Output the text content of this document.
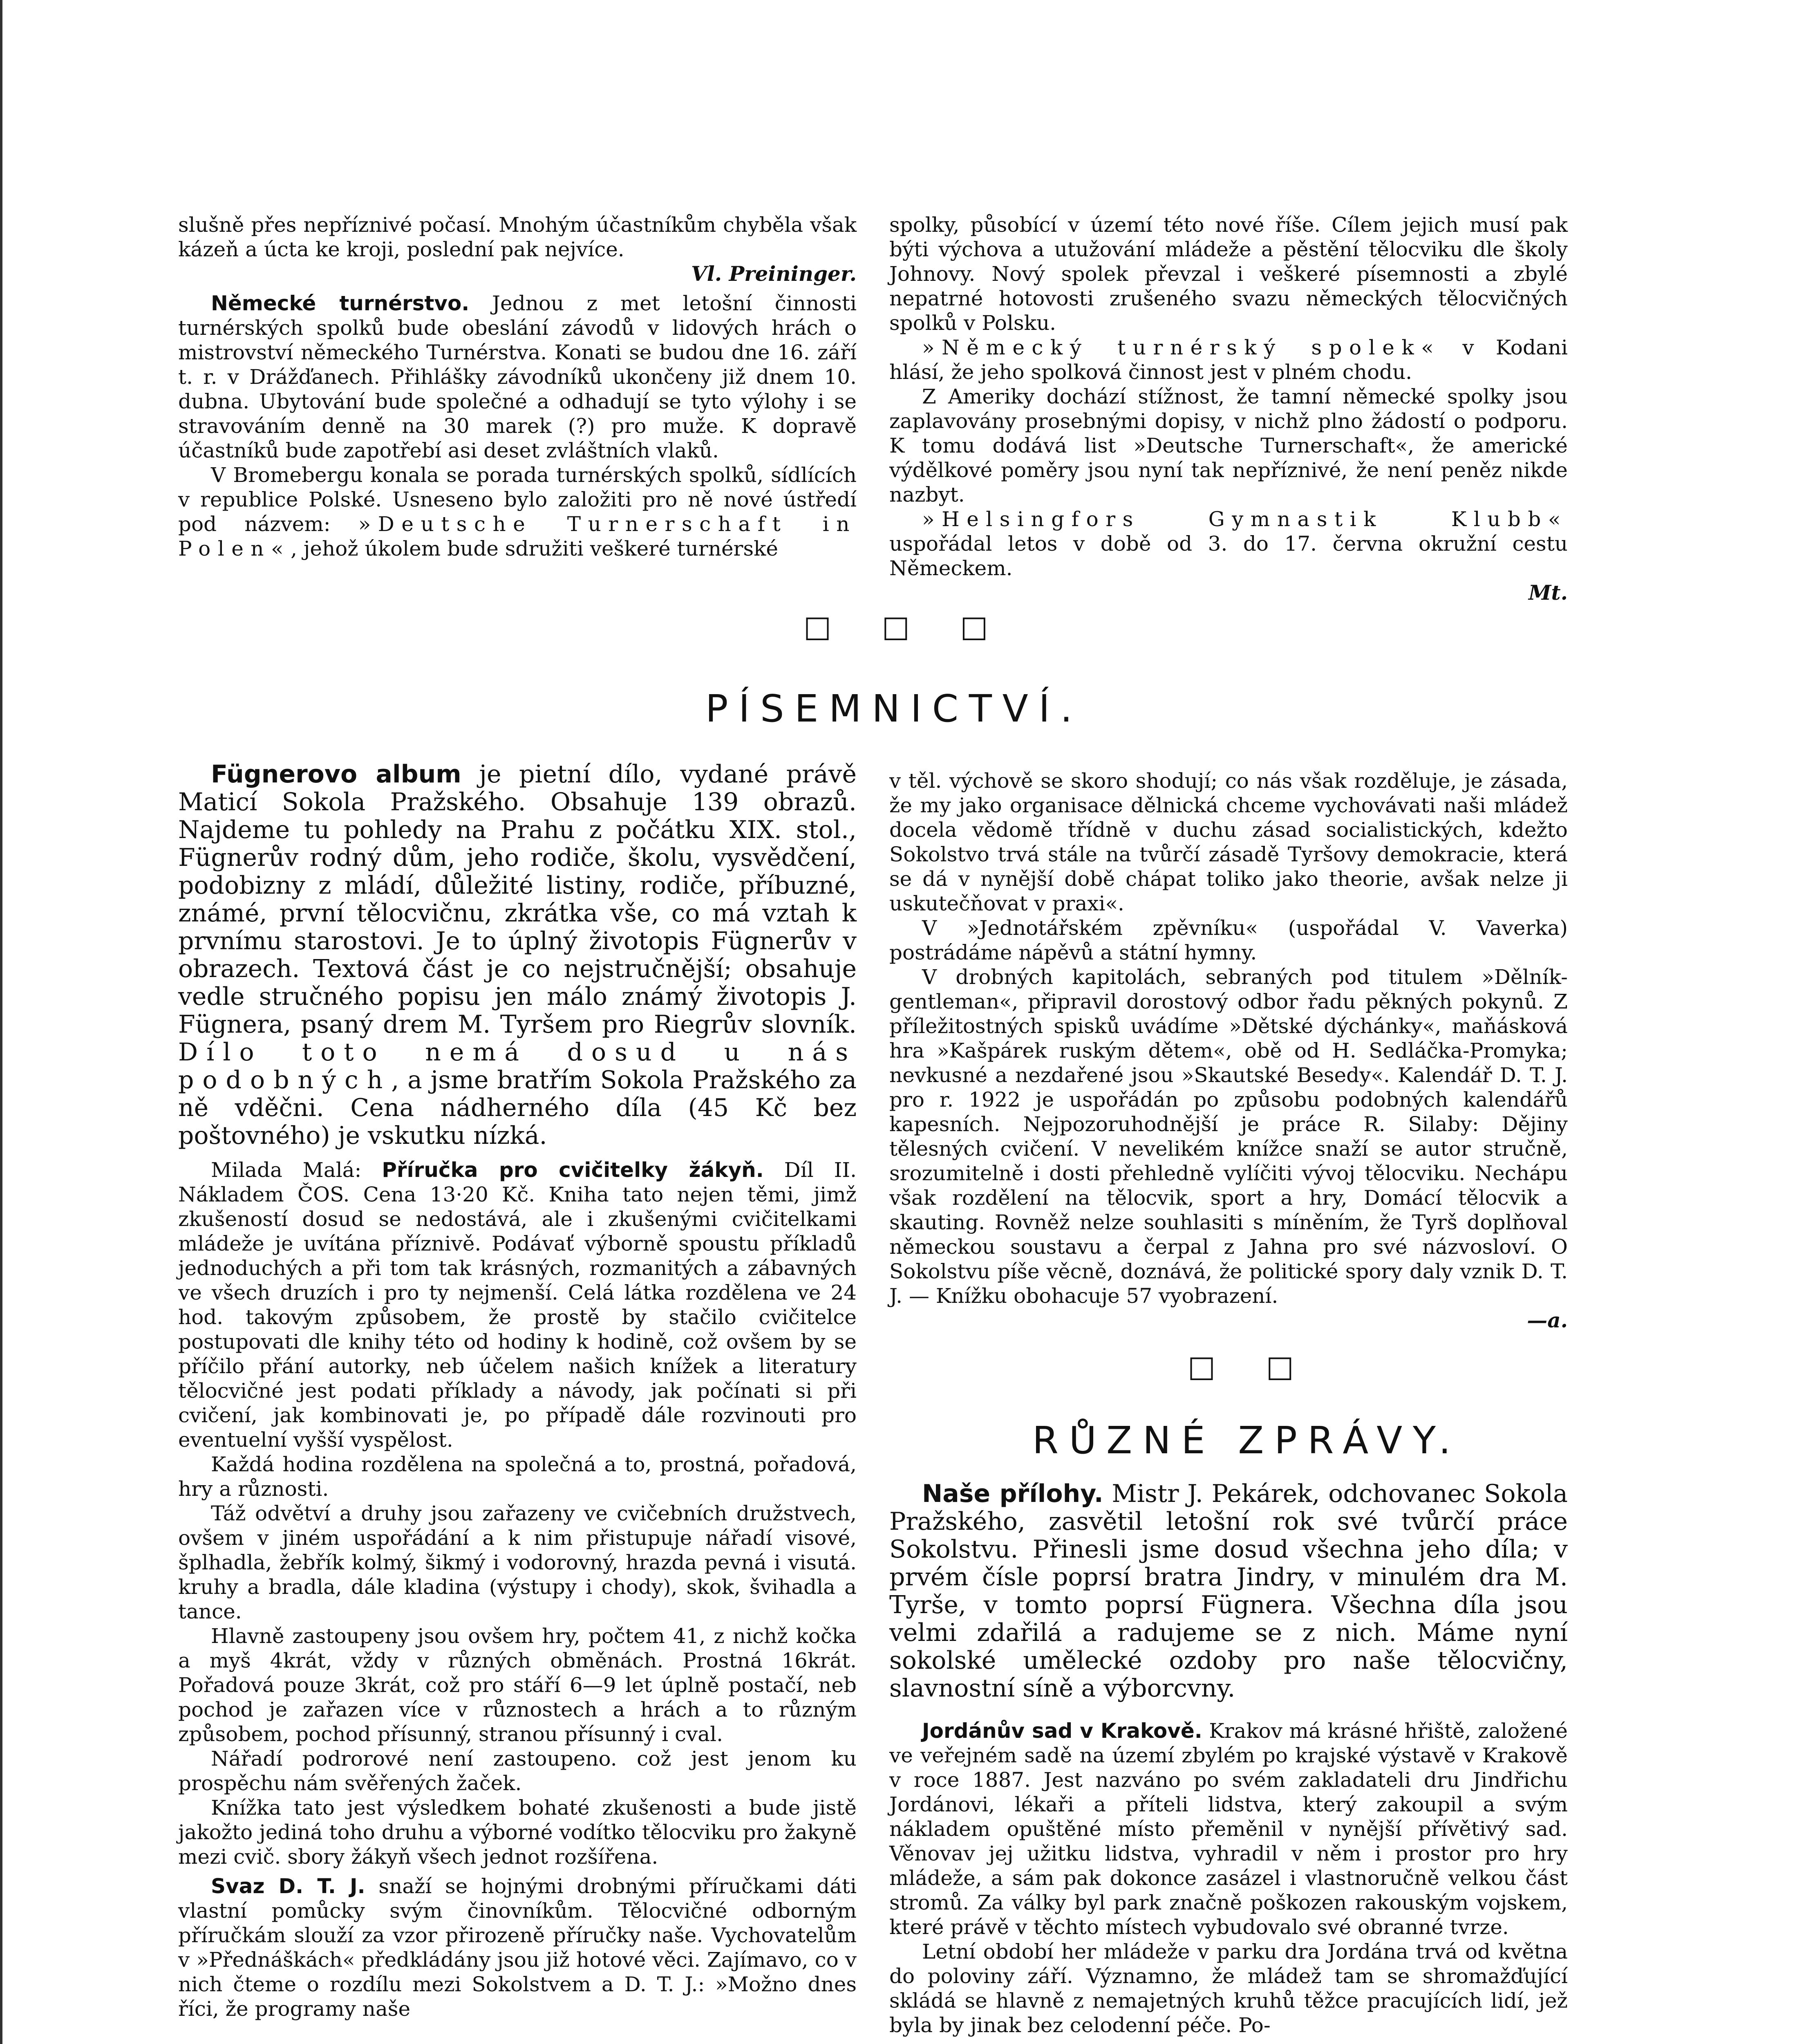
slušně přes nepříznivé počasí. Mnohým účastníkům chyběla však kázeň a úcta ke kroji, poslední pak nejvíce.

Vl. Preininger.

Německé turnérstvo. Jednou z met letošní činnosti turnérských spolků bude obeslání závodů v lidových hrách o mistrovství německého Turnérstva. Konati se budou dne 16. září t. r. v Drážďanech. Přihlášky závodníků ukončeny již dnem 10. dubna. Ubytování bude společné a odhadují se tyto výlohy i se stravováním denně na 30 marek (?) pro muže. K dopravě účastníků bude zapotřebí asi deset zvláštních vlaků.

V Bromebergu konala se porada turnérských spolků, sídlících v republice Polské. Usneseno bylo založiti pro ně nové ústředí pod názvem: »Deutsche Turnerschaft in Polen«, jehož úkolem bude sdružiti veškeré turnérské

spolky, působící v území této nové říše. Cílem jejich musí pak býti výchova a utužování mládeže a pěstění tělocviku dle školy Johnovy. Nový spolek převzal i veškeré písemnosti a zbylé nepatrné hotovosti zrušeného svazu německých tělocvičných spolků v Polsku.

»Německý turnérský spolek« v Kodani hlásí, že jeho spolková činnost jest v plném chodu.

Z Ameriky dochází stížnost, že tamní německé spolky jsou zaplavovány prosebnými dopisy, v nichž plno žádostí o podporu. K tomu dodává list »Deutsche Turnerschaft«, že americké výdělkové poměry jsou nyní tak nepříznivé, že není peněz nikde nazbyt.

»Helsingfors Gymnastik Klubb« uspořádal letos v době od 3. do 17. června okružní cestu Německem.

Mt.

□ □ □
PÍSEMNICTVÍ.

Fügnerovo album je pietní dílo, vydané právě Maticí Sokola Pražského. Obsahuje 139 obrazů. Najdeme tu pohledy na Prahu z počátku XIX. stol., Fügnerův rodný dům, jeho rodiče, školu, vysvědčení, podobizny z mládí, důležité listiny, rodiče, příbuzné, známé, první tělocvičnu, zkrátka vše, co má vztah k prvnímu starostovi. Je to úplný životopis Fügnerův v obrazech. Textová část je co nejstručnější; obsahuje vedle stručného popisu jen málo známý životopis J. Fügnera, psaný drem M. Tyršem pro Riegrův slovník. Dílo toto nemá dosud u nás podobných, a jsme bratřím Sokola Pražského za ně vděčni. Cena nádherného díla (45 Kč bez poštovného) je vskutku nízká.

Milada Malá: Příručka pro cvičitelky žákyň. Díl II. Nákladem ČOS. Cena 13·20 Kč. Kniha tato nejen těmi, jimž zkušeností dosud se nedostává, ale i zkušenými cvičitelkami mládeže je uvítána příznivě. Podávať výborně spoustu příkladů jednoduchých a při tom tak krásných, rozmanitých a zábavných ve všech druzích i pro ty nejmenší. Celá látka rozdělena ve 24 hod. takovým způsobem, že prostě by stačilo cvičitelce postupovati dle knihy této od hodiny k hodině, což ovšem by se příčilo přání autorky, neb účelem našich knížek a literatury tělocvičné jest podati příklady a návody, jak počínati si při cvičení, jak kombinovati je, po případě dále rozvinouti pro eventuelní vyšší vyspělost.

Každá hodina rozdělena na společná a to, prostná, pořadová, hry a různosti.

Táž odvětví a druhy jsou zařazeny ve cvičebních družstvech, ovšem v jiném uspořádání a k nim přistupuje nářadí visové, šplhadla, žebřík kolmý, šikmý i vodorovný, hrazda pevná i visutá. kruhy a bradla, dále kladina (výstupy i chody), skok, švihadla a tance.

Hlavně zastoupeny jsou ovšem hry, počtem 41, z nichž kočka a myš 4krát, vždy v různých obměnách. Prostná 16krát. Pořadová pouze 3krát, což pro stáří 6—9 let úplně postačí, neb pochod je zařazen více v různostech a hrách a to různým způsobem, pochod přísunný, stranou přísunný i cval.

Nářadí podrorové není zastoupeno. což jest jenom ku prospěchu nám svěřených žaček.

Knížka tato jest výsledkem bohaté zkušenosti a bude jistě jakožto jediná toho druhu a výborné vodítko tělocviku pro žakyně mezi cvič. sbory žákyň všech jednot rozšířena.

Svaz D. T. J. snaží se hojnými drobnými příručkami dáti vlastní pomůcky svým činovníkům. Tělocvičné odborným příručkám slouží za vzor přirozeně příručky naše. Vychovatelům v »Přednáškách« předkládány jsou již hotové věci. Zajímavo, co v nich čteme o rozdílu mezi Sokolstvem a D. T. J.: »Možno dnes říci, že programy naše

v těl. výchově se skoro shodují; co nás však rozděluje, je zásada, že my jako organisace dělnická chceme vychovávati naši mládež docela vědomě třídně v duchu zásad socialistických, kdežto Sokolstvo trvá stále na tvůrčí zásadě Tyršovy demokracie, která se dá v nynější době chápat toliko jako theorie, avšak nelze ji uskutečňovat v praxi«.

V »Jednotářském zpěvníku« (uspořádal V. Vaverka) postrádáme nápěvů a státní hymny.

V drobných kapitolách, sebraných pod titulem »Dělník-gentleman«, připravil dorostový odbor řadu pěkných pokynů. Z příležitostných spisků uvádíme »Dětské dýchánky«, maňásková hra »Kašpárek ruským dětem«, obě od H. Sedláčka-Promyka; nevkusné a nezdařené jsou »Skautské Besedy«. Kalendář D. T. J. pro r. 1922 je uspořádán po způsobu podobných kalendářů kapesních. Nejpozoruhodnější je práce R. Silaby: Dějiny tělesných cvičení. V nevelikém knížce snaží se autor stručně, srozumitelně i dosti přehledně vylíčiti vývoj tělocviku. Nechápu však rozdělení na tělocvik, sport a hry, Domácí tělocvik a skauting. Rovněž nelze souhlasiti s míněním, že Tyrš doplňoval německou soustavu a čerpal z Jahna pro své názvosloví. O Sokolstvu píše věcně, doznává, že politické spory daly vznik D. T. J. — Knížku obohacuje 57 vyobrazení.

—a.

□ □
RŮZNÉ ZPRÁVY.

Naše přílohy. Mistr J. Pekárek, odchovanec Sokola Pražského, zasvětil letošní rok své tvůrčí práce Sokolstvu. Přinesli jsme dosud všechna jeho díla; v prvém čísle poprsí bratra Jindry, v minulém dra M. Tyrše, v tomto poprsí Fügnera. Všechna díla jsou velmi zdařilá a radujeme se z nich. Máme nyní sokolské umělecké ozdoby pro naše tělocvičny, slavnostní síně a výborcvny.

Jordánův sad v Krakově. Krakov má krásné hřiště, založené ve veřejném sadě na území zbylém po krajské výstavě v Krakově v roce 1887. Jest nazváno po svém zakladateli dru Jindřichu Jordánovi, lékaři a příteli lidstva, který zakoupil a svým nákladem opuštěné místo přeměnil v nynější přívětivý sad. Věnovav jej užitku lidstva, vyhradil v něm i prostor pro hry mládeže, a sám pak dokonce zasázel i vlastnoručně velkou část stromů. Za války byl park značně poškozen rakouským vojskem, které právě v těchto místech vybudovalo své obranné tvrze.

Letní období her mládeže v parku dra Jordána trvá od května do poloviny září. Významno, že mládež tam se shromažďující skládá se hlavně z nemajetných kruhů těžce pracujících lidí, jež byla by jinak bez celodenní péče. Po-
